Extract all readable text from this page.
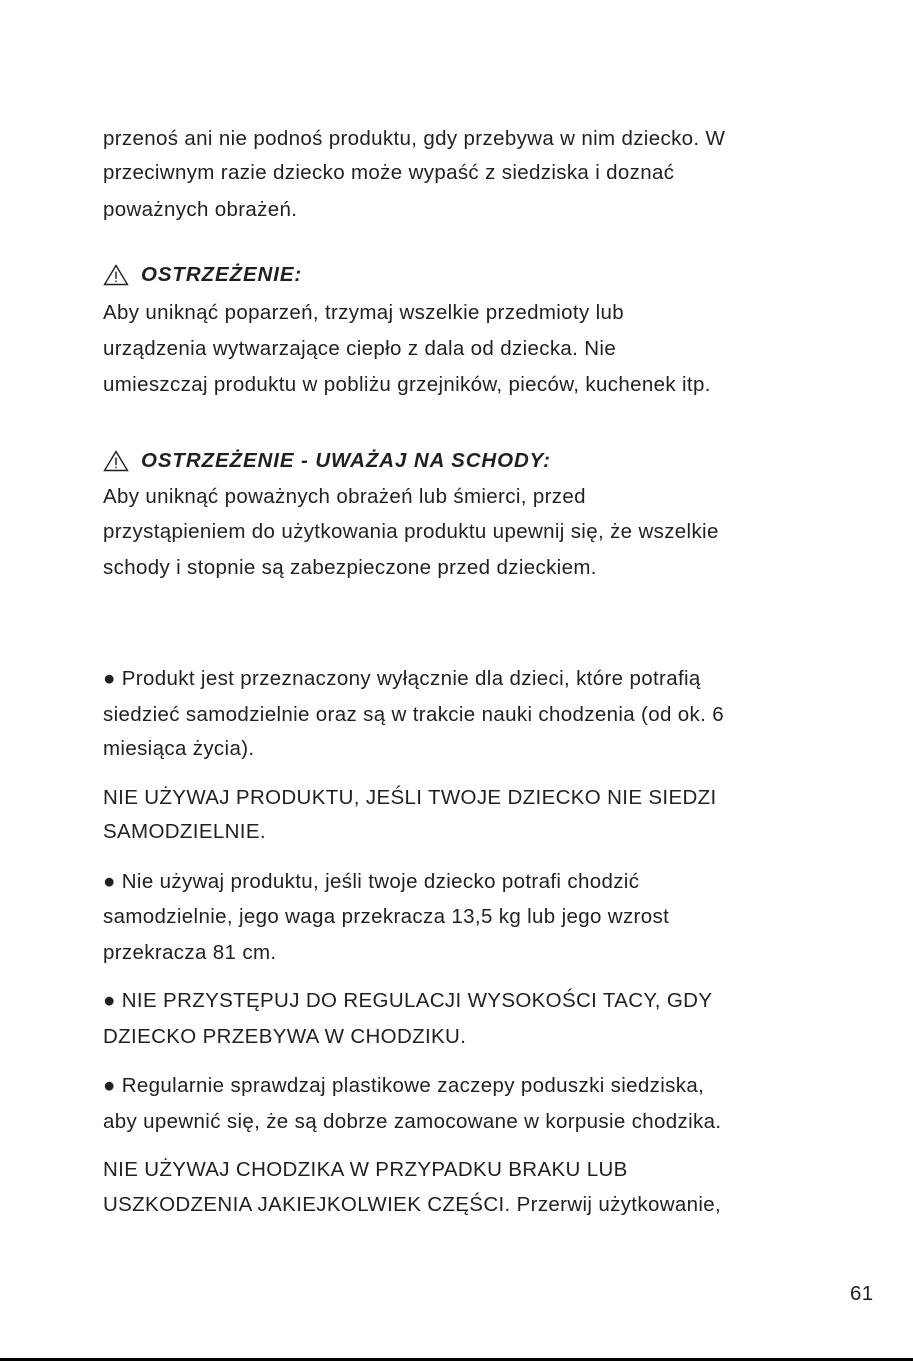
przenoś ani nie podnoś produktu, gdy przebywa w nim dziecko. W
przeciwnym razie dziecko może wypaść z siedziska i doznać
poważnych obrażeń.
OSTRZEŻENIE:
Aby uniknąć poparzeń, trzymaj wszelkie przedmioty lub
urządzenia wytwarzające ciepło z dala od dziecka. Nie
umieszczaj produktu w pobliżu grzejników, pieców, kuchenek itp.
OSTRZEŻENIE - UWAŻAJ NA SCHODY:
Aby uniknąć poważnych obrażeń lub śmierci, przed
przystąpieniem do użytkowania produktu upewnij się, że wszelkie
schody i stopnie są zabezpieczone przed dzieckiem.
● Produkt jest przeznaczony wyłącznie dla dzieci, które potrafią
siedzieć samodzielnie oraz są w trakcie nauki chodzenia (od ok. 6
miesiąca życia).
NIE UŻYWAJ PRODUKTU, JEŚLI TWOJE DZIECKO NIE SIEDZI
SAMODZIELNIE.
● Nie używaj produktu, jeśli twoje dziecko potrafi chodzić
samodzielnie, jego waga przekracza 13,5 kg lub jego wzrost
przekracza 81 cm.
● NIE PRZYSTĘPUJ DO REGULACJI WYSOKOŚCI TACY, GDY
DZIECKO PRZEBYWA W CHODZIKU.
● Regularnie sprawdzaj plastikowe zaczepy poduszki siedziska,
aby upewnić się, że są dobrze zamocowane w korpusie chodzika.
NIE UŻYWAJ CHODZIKA W PRZYPADKU BRAKU LUB
USZKODZENIA JAKIEJKOLWIEK CZĘŚCI. Przerwij użytkowanie,
61
